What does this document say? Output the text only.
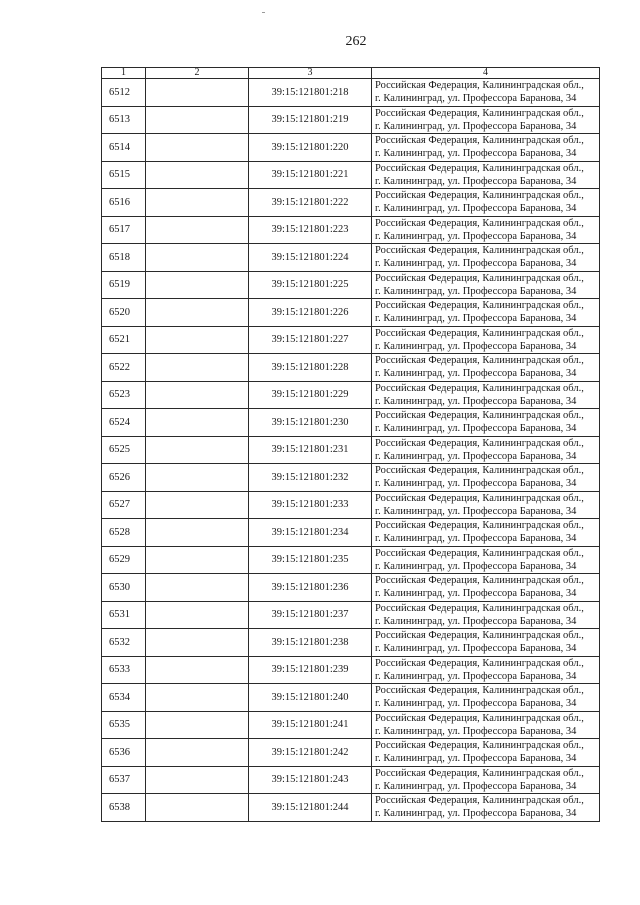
262
1	2	3	4
6512		39:15:121801:218	Российская Федерация, Калининградская обл.,
г. Калининград, ул. Профессора Баранова, 34

6513		39:15:121801:219	Российская Федерация, Калининградская обл.,
г. Калининград, ул. Профессора Баранова, 34

6514		39:15:121801:220	Российская Федерация, Калининградская обл.,
г. Калининград, ул. Профессора Баранова, 34

6515		39:15:121801:221	Российская Федерация, Калининградская обл.,
г. Калининград, ул. Профессора Баранова, 34

6516		39:15:121801:222	Российская Федерация, Калининградская обл.,
г. Калининград, ул. Профессора Баранова, 34

6517		39:15:121801:223	Российская Федерация, Калининградская обл.,
г. Калининград, ул. Профессора Баранова, 34

6518		39:15:121801:224	Российская Федерация, Калининградская обл.,
г. Калининград, ул. Профессора Баранова, 34

6519		39:15:121801:225	Российская Федерация, Калининградская обл.,
г. Калининград, ул. Профессора Баранова, 34

6520		39:15:121801:226	Российская Федерация, Калининградская обл.,
г. Калининград, ул. Профессора Баранова, 34

6521		39:15:121801:227	Российская Федерация, Калининградская обл.,
г. Калининград, ул. Профессора Баранова, 34

6522		39:15:121801:228	Российская Федерация, Калининградская обл.,
г. Калининград, ул. Профессора Баранова, 34

6523		39:15:121801:229	Российская Федерация, Калининградская обл.,
г. Калининград, ул. Профессора Баранова, 34

6524		39:15:121801:230	Российская Федерация, Калининградская обл.,
г. Калининград, ул. Профессора Баранова, 34

6525		39:15:121801:231	Российская Федерация, Калининградская обл.,
г. Калининград, ул. Профессора Баранова, 34

6526		39:15:121801:232	Российская Федерация, Калининградская обл.,
г. Калининград, ул. Профессора Баранова, 34

6527		39:15:121801:233	Российская Федерация, Калининградская обл.,
г. Калининград, ул. Профессора Баранова, 34

6528		39:15:121801:234	Российская Федерация, Калининградская обл.,
г. Калининград, ул. Профессора Баранова, 34

6529		39:15:121801:235	Российская Федерация, Калининградская обл.,
г. Калининград, ул. Профессора Баранова, 34

6530		39:15:121801:236	Российская Федерация, Калининградская обл.,
г. Калининград, ул. Профессора Баранова, 34

6531		39:15:121801:237	Российская Федерация, Калининградская обл.,
г. Калининград, ул. Профессора Баранова, 34

6532		39:15:121801:238	Российская Федерация, Калининградская обл.,
г. Калининград, ул. Профессора Баранова, 34

6533		39:15:121801:239	Российская Федерация, Калининградская обл.,
г. Калининград, ул. Профессора Баранова, 34

6534		39:15:121801:240	Российская Федерация, Калининградская обл.,
г. Калининград, ул. Профессора Баранова, 34

6535		39:15:121801:241	Российская Федерация, Калининградская обл.,
г. Калининград, ул. Профессора Баранова, 34

6536		39:15:121801:242	Российская Федерация, Калининградская обл.,
г. Калининград, ул. Профессора Баранова, 34

6537		39:15:121801:243	Российская Федерация, Калининградская обл.,
г. Калининград, ул. Профессора Баранова, 34

6538		39:15:121801:244	Российская Федерация, Калининградская обл.,
г. Калининград, ул. Профессора Баранова, 34
